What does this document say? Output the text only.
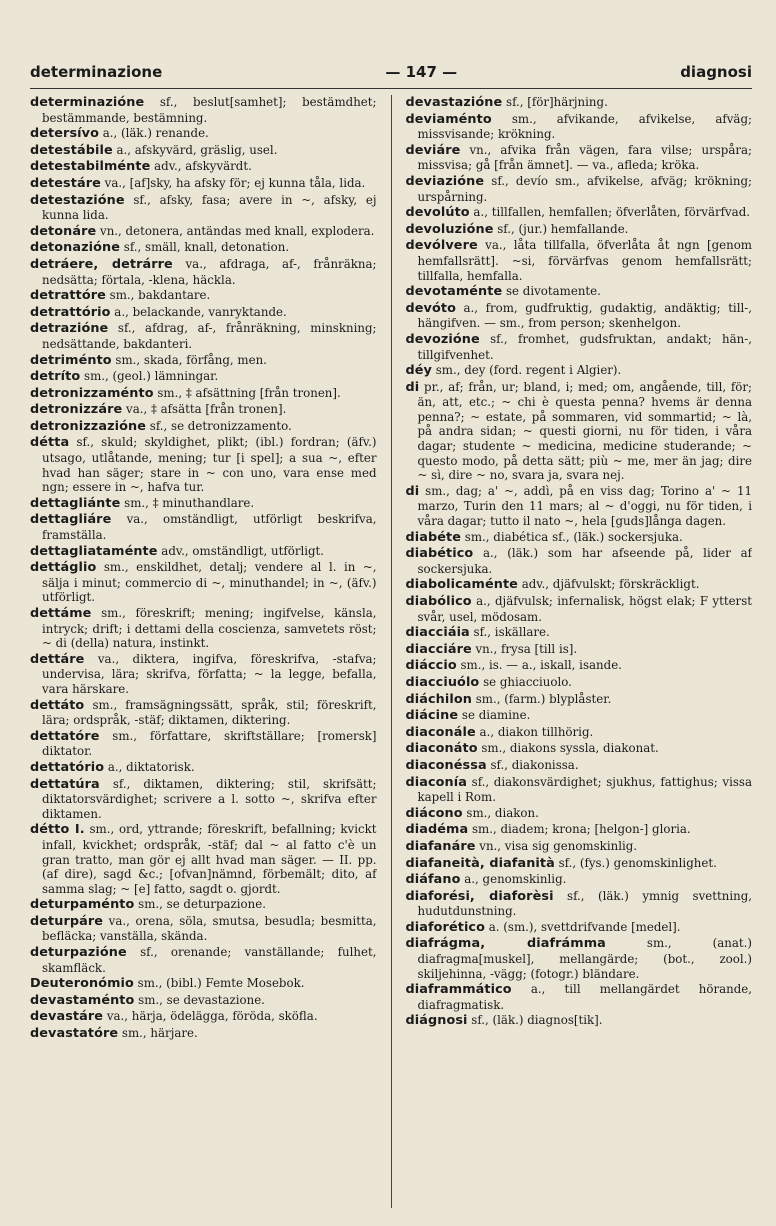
determinazione	— 147 —	diagnosi

determinazióne sf., beslut[samhet]; bestämdhet; bestämmande, bestämning.

detersívo a., (läk.) renande.

detestábile a., afskyvärd, gräslig, usel.

detestabilménte adv., afskyvärdt.

detestáre va., [af]sky, ha afsky för; ej kunna tåla, lida.

detestazióne sf., afsky, fasa; avere in ~, afsky, ej kunna lida.

detonáre vn., detonera, antändas med knall, explodera.

detonazióne sf., smäll, knall, detonation.

detráere, detrárre va., afdraga, af-, frånräkna; nedsätta; förtala, -klena, häckla.

detrattóre sm., bakdantare.

detrattório a., belackande, vanryktande.

detrazióne sf., afdrag, af-, frånräkning, minskning; nedsättande, bakdanteri.

detriménto sm., skada, förfång, men.

detríto sm., (geol.) lämningar.

detronizzaménto sm., ‡ afsättning [från tronen].

detronizzáre va., ‡ afsätta [från tronen].

detronizzazióne sf., se detronizzamento.

détta sf., skuld; skyldighet, plikt; (ibl.) fordran; (äfv.) utsago, utlåtande, mening; tur [i spel]; a sua ~, efter hvad han säger; stare in ~ con uno, vara ense med ngn; essere in ~, hafva tur.

dettagliánte sm., ‡ minuthandlare.

dettagliáre va., omständligt, utförligt beskrifva, framställa.

dettagliataménte adv., omständligt, utförligt.

dettáglio sm., enskildhet, detalj; vendere al l. in ~, sälja i minut; commercio di ~, minuthandel; in ~, (äfv.) utförligt.

dettáme sm., föreskrift; mening; ingifvelse, känsla, intryck; drift; i dettami della coscienza, samvetets röst; ~ di (della) natura, instinkt.

dettáre va., diktera, ingifva, föreskrifva, -stafva; undervisa, lära; skrifva, författa; ~ la legge, befalla, vara härskare.

dettáto sm., framsägningssätt, språk, stil; föreskrift, lära; ordspråk, -stäf; diktamen, diktering.

dettatóre sm., författare, skriftställare; [romersk] diktator.

dettatório a., diktatorisk.

dettatúra sf., diktamen, diktering; stil, skrifsätt; diktatorsvärdighet; scrivere a l. sotto ~, skrifva efter diktamen.

détto I. sm., ord, yttrande; föreskrift, befallning; kvickt infall, kvickhet; ordspråk, -stäf; dal ~ al fatto c'è un gran tratto, man gör ej allt hvad man säger. — II. pp. (af dire), sagd &c.; [ofvan]nämnd, förbemält; dito, af samma slag; ~ [e] fatto, sagdt o. gjordt.

deturpaménto sm., se deturpazione.

deturpáre va., orena, söla, smutsa, besudla; besmitta, befläcka; vanställa, skända.

deturpazióne sf., orenande; vanställande; fulhet, skamfläck.

Deuteronómio sm., (bibl.) Femte Mosebok.

devastaménto sm., se devastazione.

devastáre va., härja, ödelägga, föröda, sköfla.

devastatóre sm., härjare.

devastazióne sf., [för]härjning.

deviaménto sm., afvikande, afvikelse, afväg; missvisande; krökning.

deviáre vn., afvika från vägen, fara vilse; urspåra; missvisa; gå [från ämnet]. — va., afleda; kröka.

deviazióne sf., devío sm., afvikelse, afväg; krökning; urspårning.

devolúto a., tillfallen, hemfallen; öfverlåten, förvärfvad.

devoluzióne sf., (jur.) hemfallande.

devólvere va., låta tillfalla, öfverlåta åt ngn [genom hemfallsrätt]. ~si, förvärfvas genom hemfallsrätt; tillfalla, hemfalla.

devotaménte se divotamente.

devóto a., from, gudfruktig, gudaktig, andäktig; till-, hängifven. — sm., from person; skenhelgon.

devozióne sf., fromhet, gudsfruktan, andakt; hän-, tillgifvenhet.

déy sm., dey (ford. regent i Algier).

di pr., af; från, ur; bland, i; med; om, angående, till, för; än, att, etc.; ~ chi è questa penna? hvems är denna penna?; ~ estate, på sommaren, vid sommartid; ~ là, på andra sidan; ~ questi giorni, nu för tiden, i våra dagar; studente ~ medicina, medicine studerande; ~ questo modo, på detta sätt; più ~ me, mer än jag; dire ~ sì, dire ~ no, svara ja, svara nej.

di sm., dag; a' ~, addì, på en viss dag; Torino a' ~ 11 marzo, Turin den 11 mars; al ~ d'oggi, nu för tiden, i våra dagar; tutto il nato ~, hela [guds]långa dagen.

diabéte sm., diabética sf., (läk.) sockersjuka.

diabético a., (läk.) som har afseende på, lider af sockersjuka.

diabolicaménte adv., djäfvulskt; förskräckligt.

diabólico a., djäfvulsk; infernalisk, högst elak; F ytterst svår, usel, mödosam.

diacciáia sf., iskällare.

diacciáre vn., frysa [till is].

diáccio sm., is. — a., iskall, isande.

diacciuólo se ghiacciuolo.

diáchilon sm., (farm.) blyplåster.

diácine se diamine.

diaconále a., diakon tillhörig.

diaconáto sm., diakons syssla, diakonat.

diaconéssa sf., diakonissa.

diaconía sf., diakonsvärdighet; sjukhus, fattighus; vissa kapell i Rom.

diácono sm., diakon.

diadéma sm., diadem; krona; [helgon-] gloria.

diafanáre vn., visa sig genomskinlig.

diafaneità, diafanità sf., (fys.) genomskinlighet.

diáfano a., genomskinlig.

diaforési, diaforèsi sf., (läk.) ymnig svettning, hudutdunstning.

diaforético a. (sm.), svettdrifvande [medel].

diafrágma, diafrámma sm., (anat.) diafragma[muskel], mellangärde; (bot., zool.) skiljehinna, -vägg; (fotogr.) bländare.

diaframmático a., till mellangärdet hörande, diafragmatisk.

diágnosi sf., (läk.) diagnos[tik].
